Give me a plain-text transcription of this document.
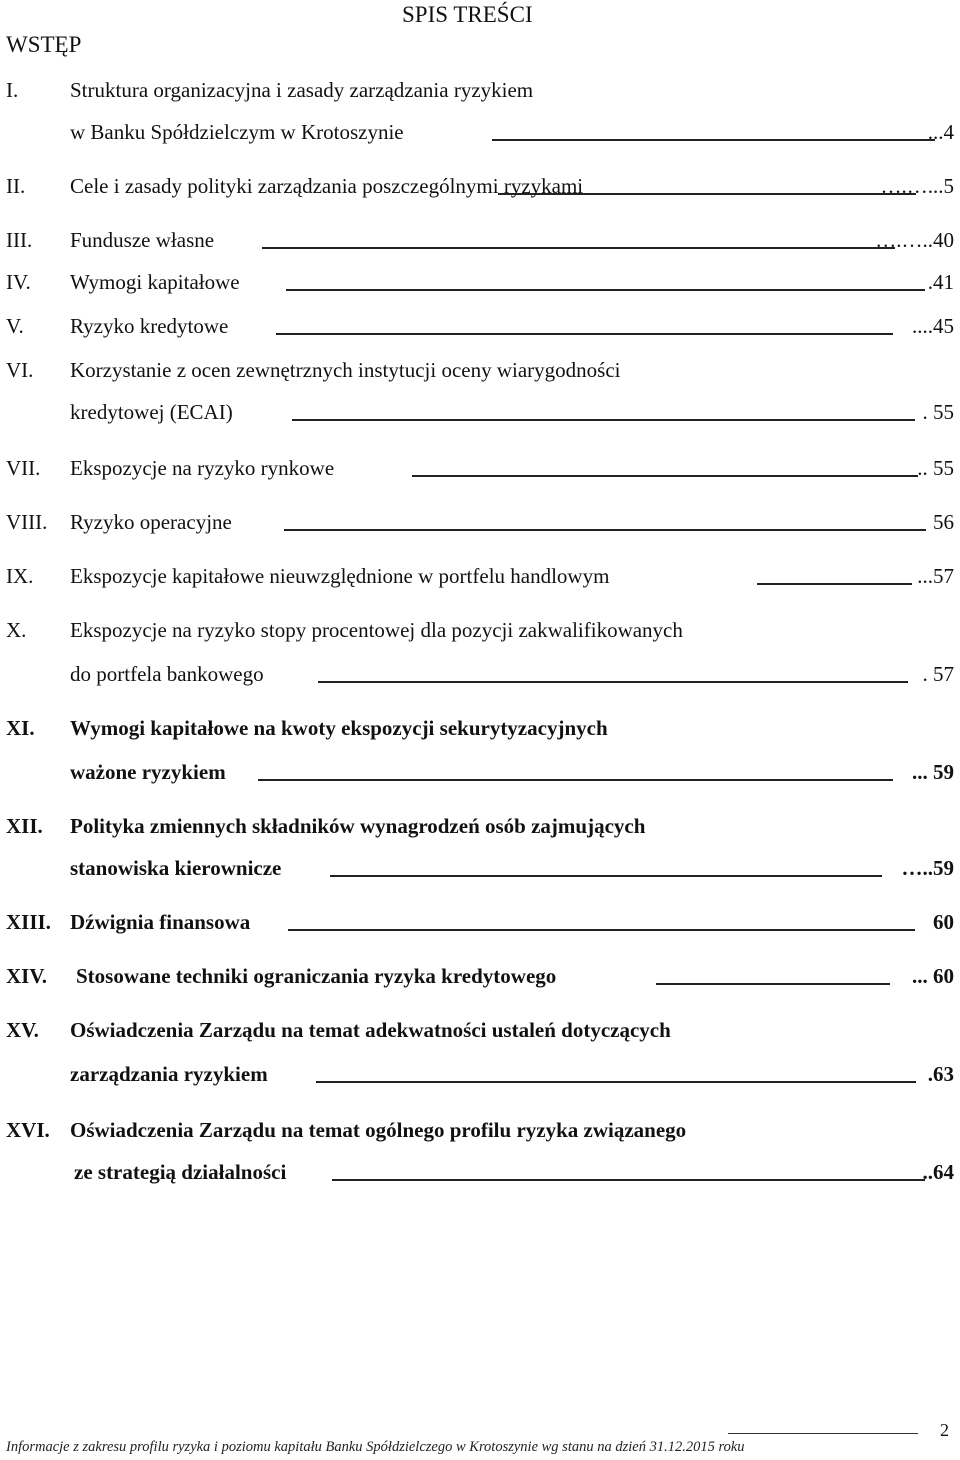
SPIS TREŚCI
WSTĘP
I. Struktura organizacyjna i zasady zarządzania ryzykiem
w Banku Spółdzielczym w Krotoszynie	...4
II. Cele i zasady polityki zarządzania poszczególnymi ryzykami	….…...5
III. Fundusze własne	….…..40
IV. Wymogi kapitałowe	.41
V. Ryzyko kredytowe	....45
VI. Korzystanie z ocen zewnętrznych instytucji oceny wiarygodności
kredytowej (ECAI)	. 55
VII. Ekspozycje na ryzyko rynkowe	.. 55
VIII. Ryzyko operacyjne	56
IX. Ekspozycje kapitałowe nieuwzględnione w portfelu handlowym	...57
X. Ekspozycje na ryzyko stopy procentowej dla pozycji zakwalifikowanych
do portfela bankowego	. 57
XI. Wymogi kapitałowe na kwoty ekspozycji sekurytyzacyjnych
ważone ryzykiem	... 59
XII. Polityka zmiennych składników wynagrodzeń osób zajmujących
stanowiska kierownicze	…..59
XIII. Dźwignia finansowa	60
XIV. Stosowane techniki ograniczania ryzyka kredytowego	... 60
XV. Oświadczenia Zarządu na temat adekwatności ustaleń dotyczących
zarządzania ryzykiem	.63
XVI. Oświadczenia Zarządu na temat ogólnego profilu ryzyka związanego
ze strategią działalności	..64
2
Informacje z zakresu profilu ryzyka i poziomu kapitału Banku Spółdzielczego w Krotoszynie wg stanu na dzień 31.12.2015 roku
